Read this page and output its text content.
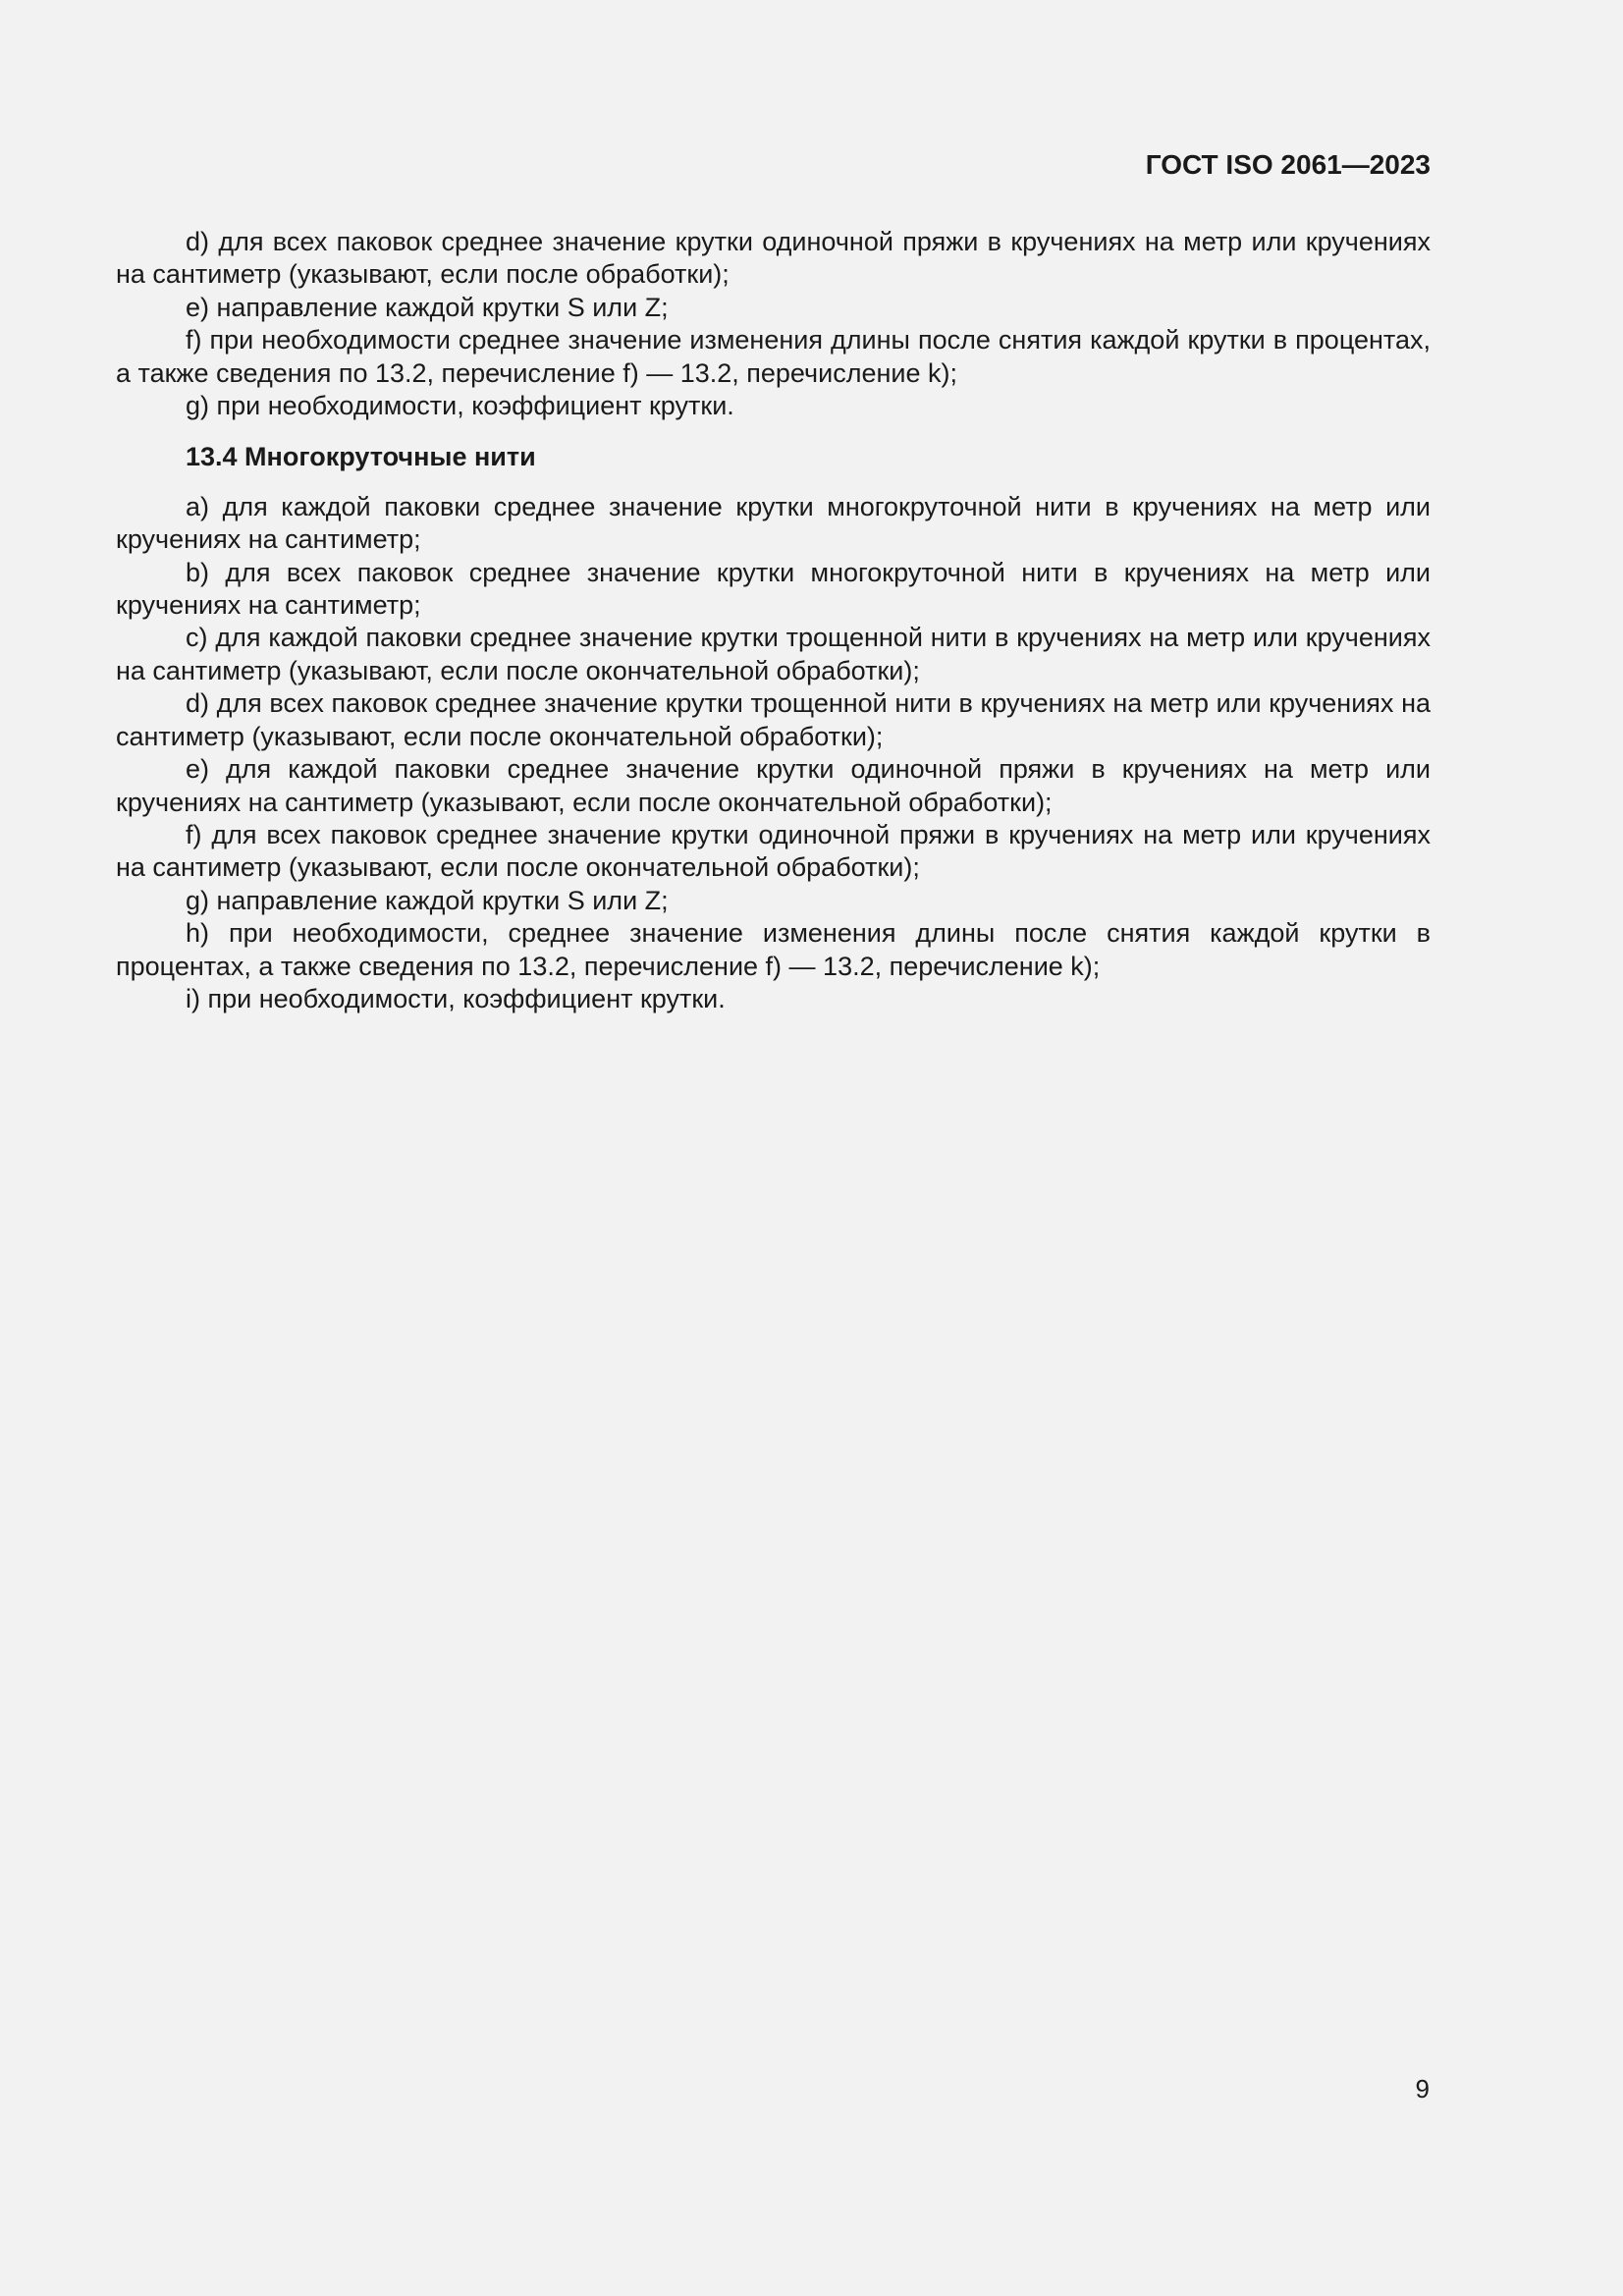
ГОСТ ISO 2061—2023

d) для всех паковок среднее значение крутки одиночной пряжи в кручениях на метр или кручениях на сантиметр (указывают, если после обработки);

e) направление каждой крутки S или Z;

f) при необходимости среднее значение изменения длины после снятия каждой крутки в процентах, а также сведения по 13.2, перечисление f) — 13.2, перечисление k);

g) при необходимости, коэффициент крутки.

13.4 Многокруточные нити

a) для каждой паковки среднее значение крутки многокруточной нити в кручениях на метр или кручениях на сантиметр;

b) для всех паковок среднее значение крутки многокруточной нити в кручениях на метр или кручениях на сантиметр;

c) для каждой паковки среднее значение крутки трощенной нити в кручениях на метр или кручениях на сантиметр (указывают, если после окончательной обработки);

d) для всех паковок среднее значение крутки трощенной нити в кручениях на метр или кручениях на сантиметр (указывают, если после окончательной обработки);

e) для каждой паковки среднее значение крутки одиночной пряжи в кручениях на метр или кручениях на сантиметр (указывают, если после окончательной обработки);

f) для всех паковок среднее значение крутки одиночной пряжи в кручениях на метр или кручениях на сантиметр (указывают, если после окончательной обработки);

g) направление каждой крутки S или Z;

h) при необходимости, среднее значение изменения длины после снятия каждой крутки в процентах, а также сведения по 13.2, перечисление f) — 13.2, перечисление k);

i) при необходимости, коэффициент крутки.

9
